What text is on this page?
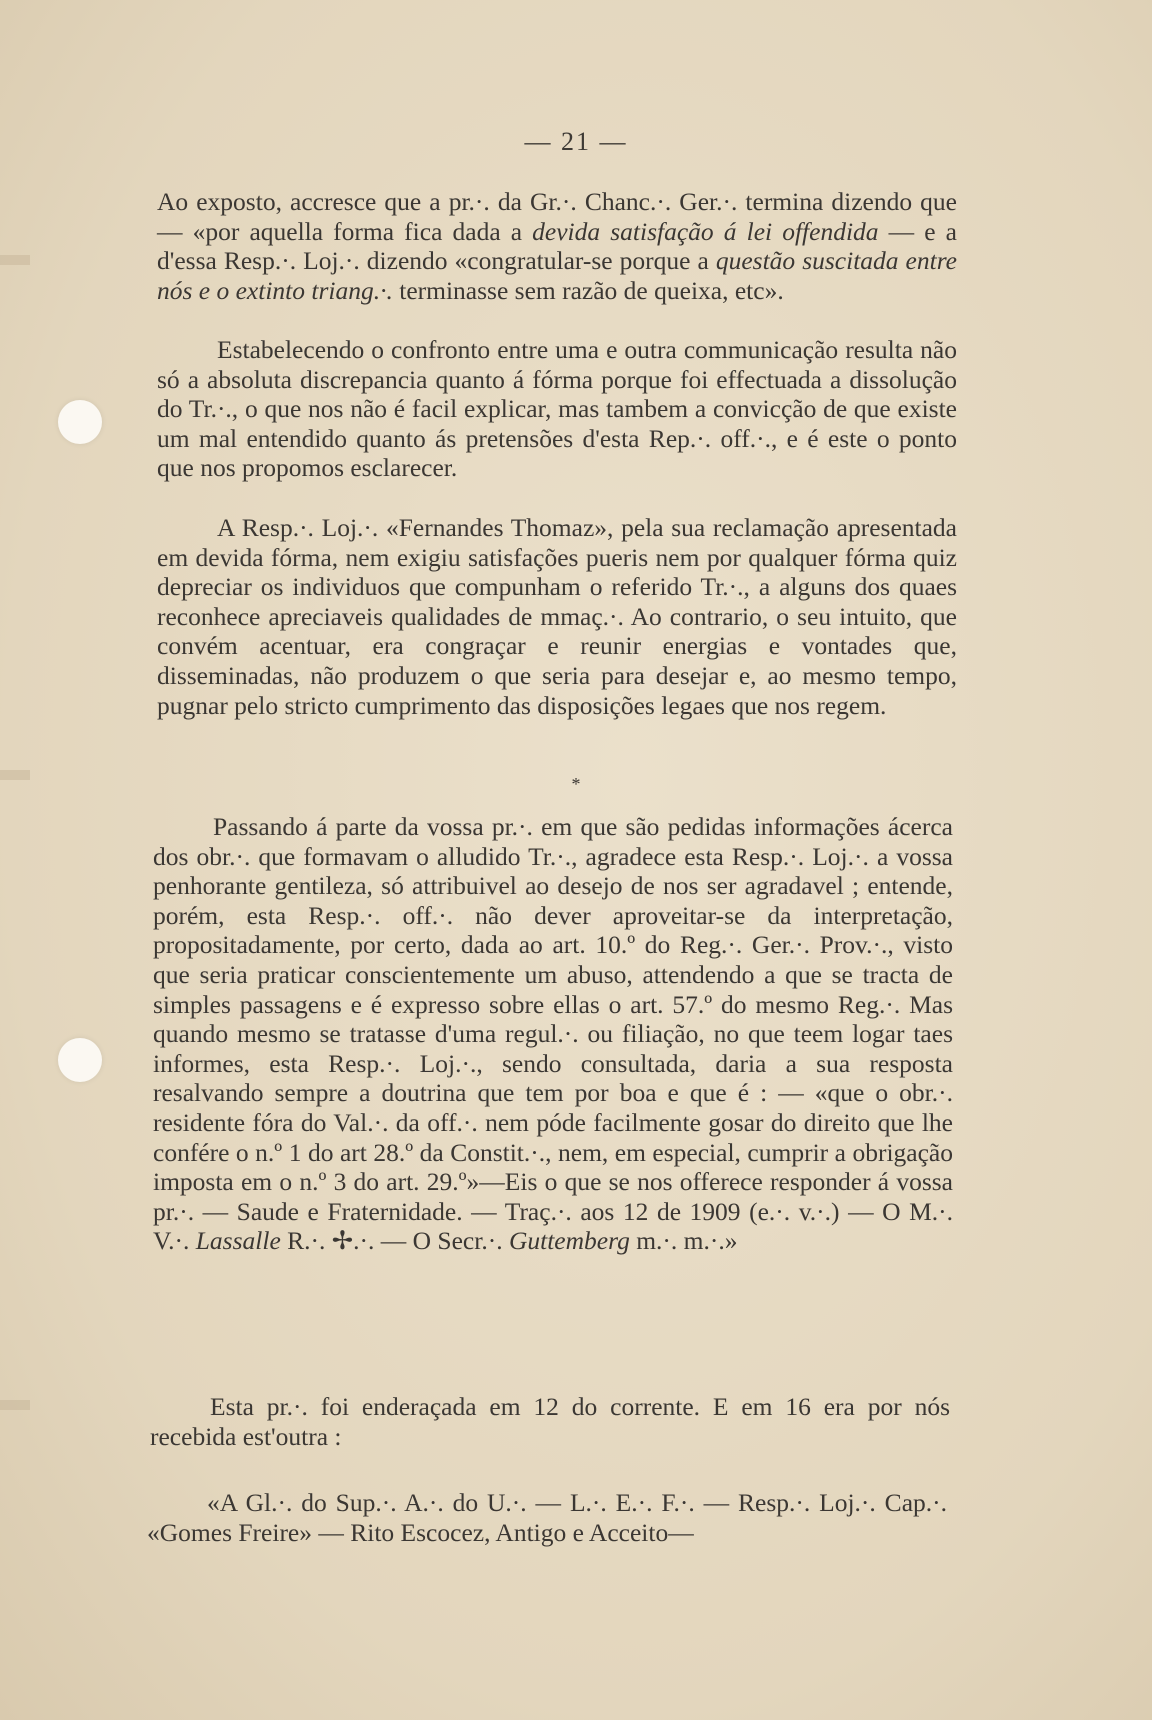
— 21 —

Ao exposto, accresce que a pr.·. da Gr.·. Chanc.·. Ger.·. termina dizendo que — «por aquella forma fica dada a devida satisfação á lei offendida — e a d'essa Resp.·. Loj.·. dizendo «congratular-se porque a questão suscitada entre nós e o extinto triang.·. terminasse sem razão de queixa, etc».

Estabelecendo o confronto entre uma e outra communicação resulta não só a absoluta discrepancia quanto á fórma porque foi effectuada a dissolução do Tr.·., o que nos não é facil explicar, mas tambem a convicção de que existe um mal entendido quanto ás pretensões d'esta Rep.·. off.·., e é este o ponto que nos propomos esclarecer.

A Resp.·. Loj.·. «Fernandes Thomaz», pela sua reclamação apresentada em devida fórma, nem exigiu satisfações pueris nem por qualquer fórma quiz depreciar os individuos que compunham o referido Tr.·., a alguns dos quaes reconhece apreciaveis qualidades de mmaç.·. Ao contrario, o seu intuito, que convém acentuar, era congraçar e reunir energias e vontades que, disseminadas, não produzem o que seria para desejar e, ao mesmo tempo, pugnar pelo stricto cumprimento das disposições legaes que nos regem.

*

Passando á parte da vossa pr.·. em que são pedidas informações ácerca dos obr.·. que formavam o alludido Tr.·., agradece esta Resp.·. Loj.·. a vossa penhorante gentileza, só attribuivel ao desejo de nos ser agradavel ; entende, porém, esta Resp.·. off.·. não dever aproveitar-se da interpretação, propositadamente, por certo, dada ao art. 10.º do Reg.·. Ger.·. Prov.·., visto que seria praticar conscientemente um abuso, attendendo a que se tracta de simples passagens e é expresso sobre ellas o art. 57.º do mesmo Reg.·. Mas quando mesmo se tratasse d'uma regul.·. ou filiação, no que teem logar taes informes, esta Resp.·. Loj.·., sendo consultada, daria a sua resposta resalvando sempre a doutrina que tem por boa e que é : — «que o obr.·. residente fóra do Val.·. da off.·. nem póde facilmente gosar do direito que lhe confére o n.º 1 do art 28.º da Constit.·., nem, em especial, cumprir a obrigação imposta em o n.º 3 do art. 29.º»—Eis o que se nos offerece responder á vossa pr.·. — Saude e Fraternidade. — Traç.·. aos 12 de 1909 (e.·. v.·.) — O M.·. V.·. Lassalle R.·. ✢.·. — O Secr.·. Guttemberg m.·. m.·.»

Esta pr.·. foi enderaçada em 12 do corrente. E em 16 era por nós recebida est'outra :

«A Gl.·. do Sup.·. A.·. do U.·. — L.·. E.·. F.·. — Resp.·. Loj.·. Cap.·. «Gomes Freire» — Rito Escocez, Antigo e Acceito—
